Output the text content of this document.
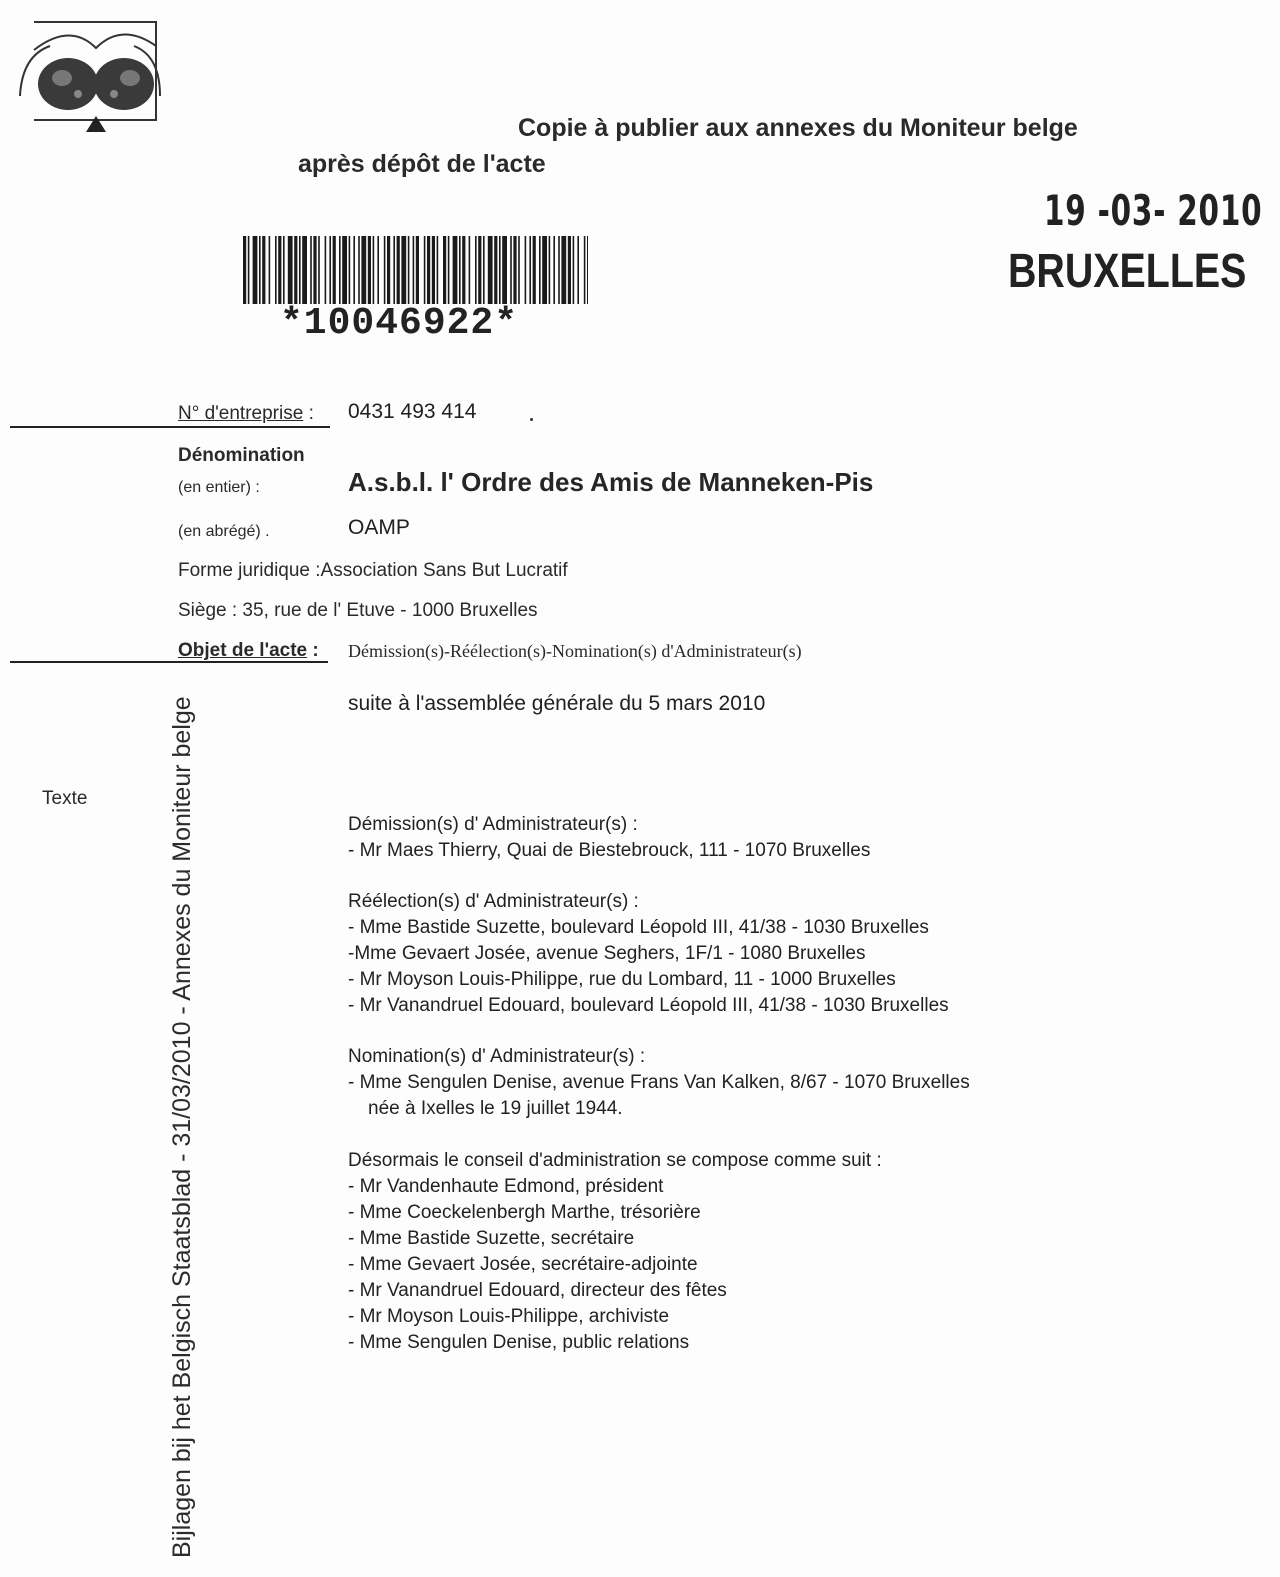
Copie à publier aux annexes du Moniteur belge
après dépôt de l'acte
19 -03- 2010
BRUXELLES
*10046922*
Bijlagen bij het Belgisch Staatsblad - 31/03/2010 - Annexes du Moniteur belge
N° d'entreprise : 0431 493 414
Dénomination
(en entier) :	A.s.b.l. l' Ordre des Amis de Manneken-Pis
(en abrégé) .	OAMP
Forme juridique :Association Sans But Lucratif
Siège : 35, rue de l' Etuve - 1000 Bruxelles
Objet de l'acte : Démission(s)-Réélection(s)-Nomination(s) d'Administrateur(s)
suite à l'assemblée générale du 5 mars 2010
Texte
Démission(s) d' Administrateur(s) :
- Mr Maes Thierry, Quai de Biestebrouck, 111 - 1070 Bruxelles
Réélection(s) d' Administrateur(s) :
- Mme Bastide Suzette, boulevard Léopold III, 41/38 - 1030 Bruxelles
-Mme Gevaert Josée, avenue Seghers, 1F/1 - 1080 Bruxelles
- Mr Moyson Louis-Philippe, rue du Lombard, 11 - 1000 Bruxelles
- Mr Vanandruel Edouard, boulevard Léopold III, 41/38 - 1030 Bruxelles
Nomination(s) d' Administrateur(s) :
- Mme Sengulen Denise, avenue Frans Van Kalken, 8/67 - 1070 Bruxelles
née à Ixelles le 19 juillet 1944.
Désormais le conseil d'administration se compose comme suit :
- Mr Vandenhaute Edmond, président
- Mme Coeckelenbergh Marthe, trésorière
- Mme Bastide Suzette, secrétaire
- Mme Gevaert Josée, secrétaire-adjointe
- Mr Vanandruel Edouard, directeur des fêtes
- Mr Moyson Louis-Philippe, archiviste
- Mme Sengulen Denise, public relations
